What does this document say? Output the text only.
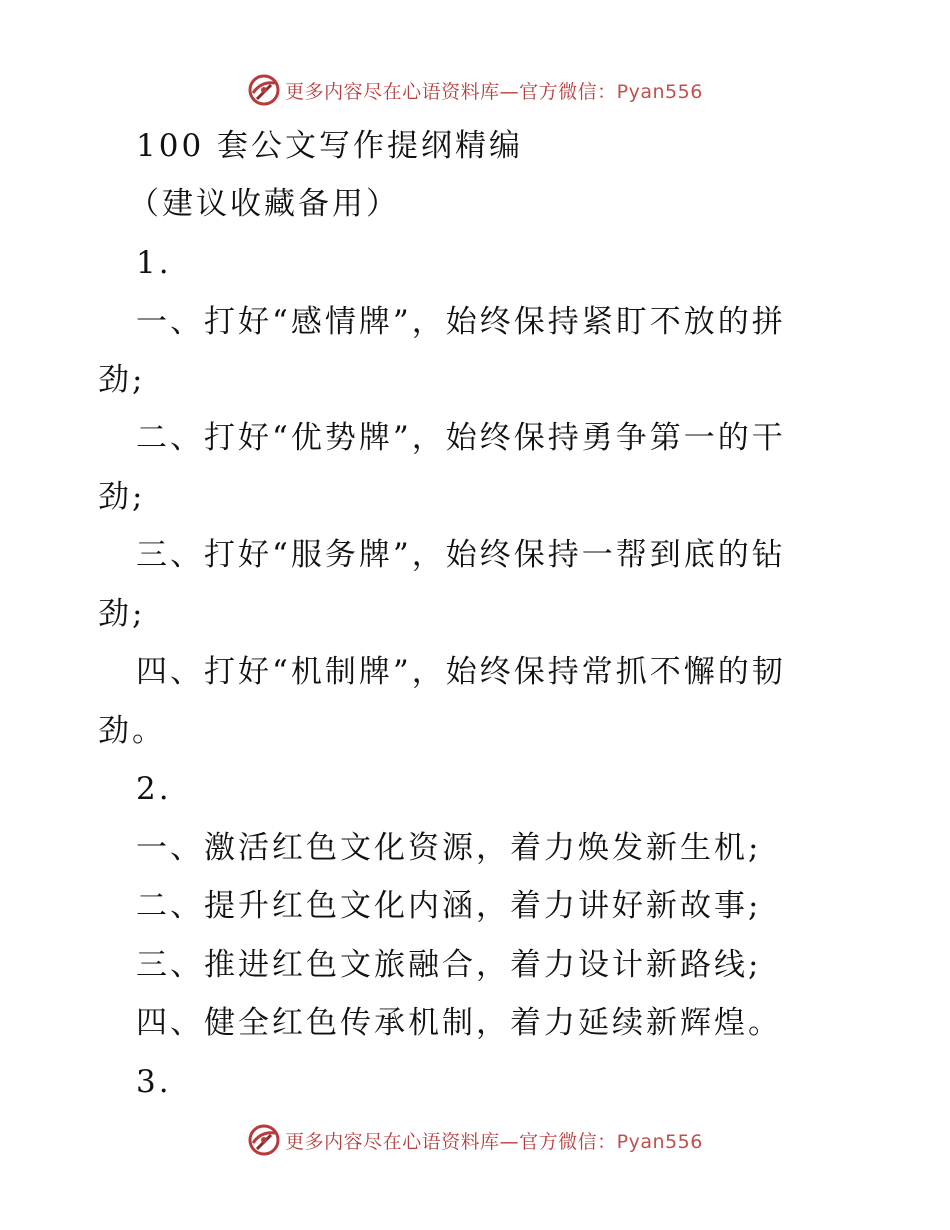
更多内容尽在心语资料库—官方微信：Pyan556
100 套公文写作提纲精编
（建议收藏备用）
1.
一、打好“感情牌”，始终保持紧盯不放的拼
劲;
二、打好“优势牌”，始终保持勇争第一的干
劲;
三、打好“服务牌”，始终保持一帮到底的钻
劲;
四、打好“机制牌”，始终保持常抓不懈的韧
劲。
2.
一、激活红色文化资源，着力焕发新生机;
二、提升红色文化内涵，着力讲好新故事;
三、推进红色文旅融合，着力设计新路线;
四、健全红色传承机制，着力延续新辉煌。
3.
更多内容尽在心语资料库—官方微信：Pyan556
